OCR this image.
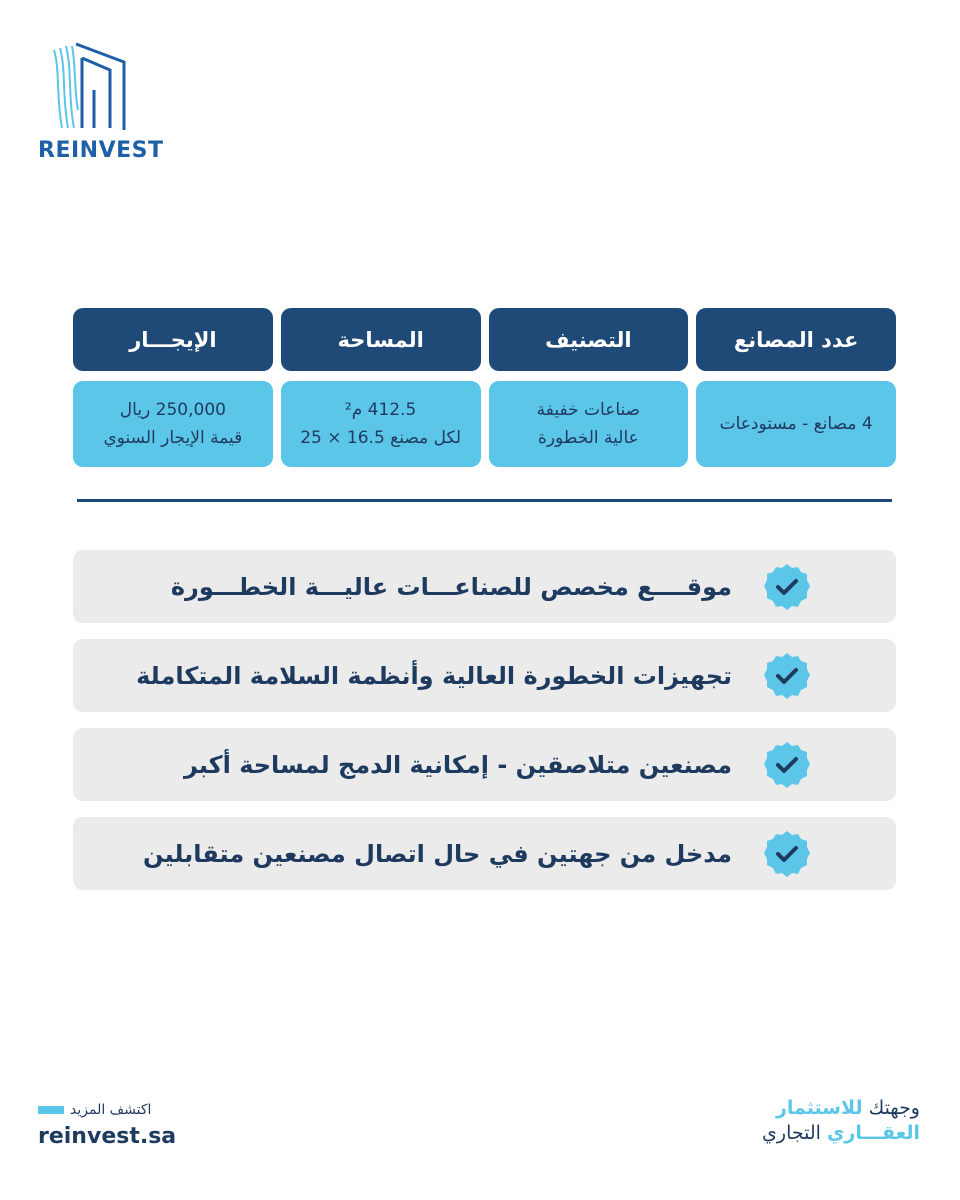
REINVEST
عدد المصانع
التصنيف
المساحة
الإيجـــار
4 مصانع - مستودعات
صناعات خفيفة
عالية الخطورة
412.5 م²
لكل مصنع 16.5 × 25
250,000 ريال
قيمة الإيجار السنوي
موقــــع مخصص للصناعـــات عاليـــة الخطـــورة
تجهيزات الخطورة العالية وأنظمة السلامة المتكاملة
مصنعين متلاصقين - إمكانية الدمج لمساحة أكبر
مدخل من جهتين في حال اتصال مصنعين متقابلين
اكتشف المزيد
reinvest.sa
وجهتك للاستثمار
العقـــاري التجاري
